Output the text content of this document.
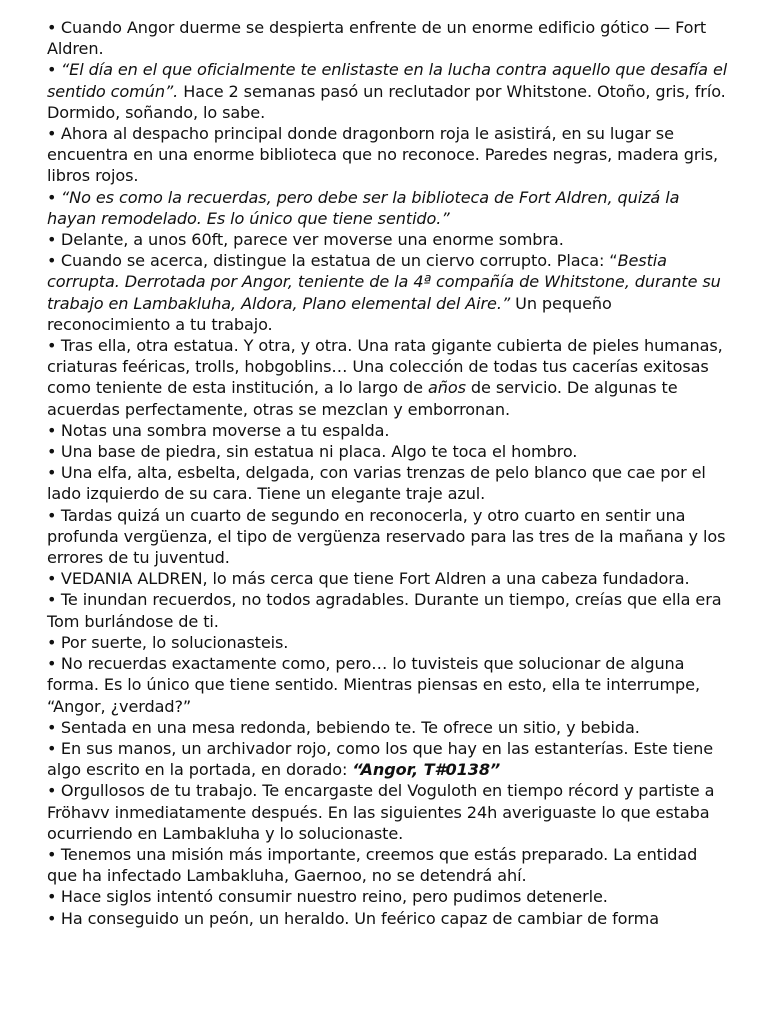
• Cuando Angor duerme se despierta enfrente de un enorme edificio gótico — Fort Aldren.
• “El día en el que oficialmente te enlistaste en la lucha contra aquello que desafía el sentido común”. Hace 2 semanas pasó un reclutador por Whitstone. Otoño, gris, frío. Dormido, soñando, lo sabe.
• Ahora al despacho principal donde dragonborn roja le asistirá, en su lugar se encuentra en una enorme biblioteca que no reconoce. Paredes negras, madera gris, libros rojos.
• “No es como la recuerdas, pero debe ser la biblioteca de Fort Aldren, quizá la hayan remodelado. Es lo único que tiene sentido.”
• Delante, a unos 60ft, parece ver moverse una enorme sombra.
• Cuando se acerca, distingue la estatua de un ciervo corrupto. Placa: “Bestia corrupta. Derrotada por Angor, teniente de la 4ª compañía de Whitstone, durante su trabajo en Lambakluha, Aldora, Plano elemental del Aire.” Un pequeño reconocimiento a tu trabajo.
• Tras ella, otra estatua. Y otra, y otra. Una rata gigante cubierta de pieles humanas, criaturas feéricas, trolls, hobgoblins… Una colección de todas tus cacerías exitosas como teniente de esta institución, a lo largo de años de servicio. De algunas te acuerdas perfectamente, otras se mezclan y emborronan.
• Notas una sombra moverse a tu espalda.
• Una base de piedra, sin estatua ni placa. Algo te toca el hombro.
• Una elfa, alta, esbelta, delgada, con varias trenzas de pelo blanco que cae por el lado izquierdo de su cara. Tiene un elegante traje azul.
• Tardas quizá un cuarto de segundo en reconocerla, y otro cuarto en sentir una profunda vergüenza, el tipo de vergüenza reservado para las tres de la mañana y los errores de tu juventud.
• VEDANIA ALDREN, lo más cerca que tiene Fort Aldren a una cabeza fundadora.
• Te inundan recuerdos, no todos agradables. Durante un tiempo, creías que ella era Tom burlándose de ti.
• Por suerte, lo solucionasteis.
• No recuerdas exactamente como, pero… lo tuvisteis que solucionar de alguna forma. Es lo único que tiene sentido. Mientras piensas en esto, ella te interrumpe, “Angor, ¿verdad?”
• Sentada en una mesa redonda, bebiendo te. Te ofrece un sitio, y bebida.
• En sus manos, un archivador rojo, como los que hay en las estanterías. Este tiene algo escrito en la portada, en dorado: “Angor, T#0138”
• Orgullosos de tu trabajo. Te encargaste del Voguloth en tiempo récord y partiste a Fröhavv inmediatamente después. En las siguientes 24h averiguaste lo que estaba ocurriendo en Lambakluha y lo solucionaste.
• Tenemos una misión más importante, creemos que estás preparado. La entidad que ha infectado Lambakluha, Gaernoo, no se detendrá ahí.
• Hace siglos intentó consumir nuestro reino, pero pudimos detenerle.
• Ha conseguido un peón, un heraldo. Un feérico capaz de cambiar de forma
